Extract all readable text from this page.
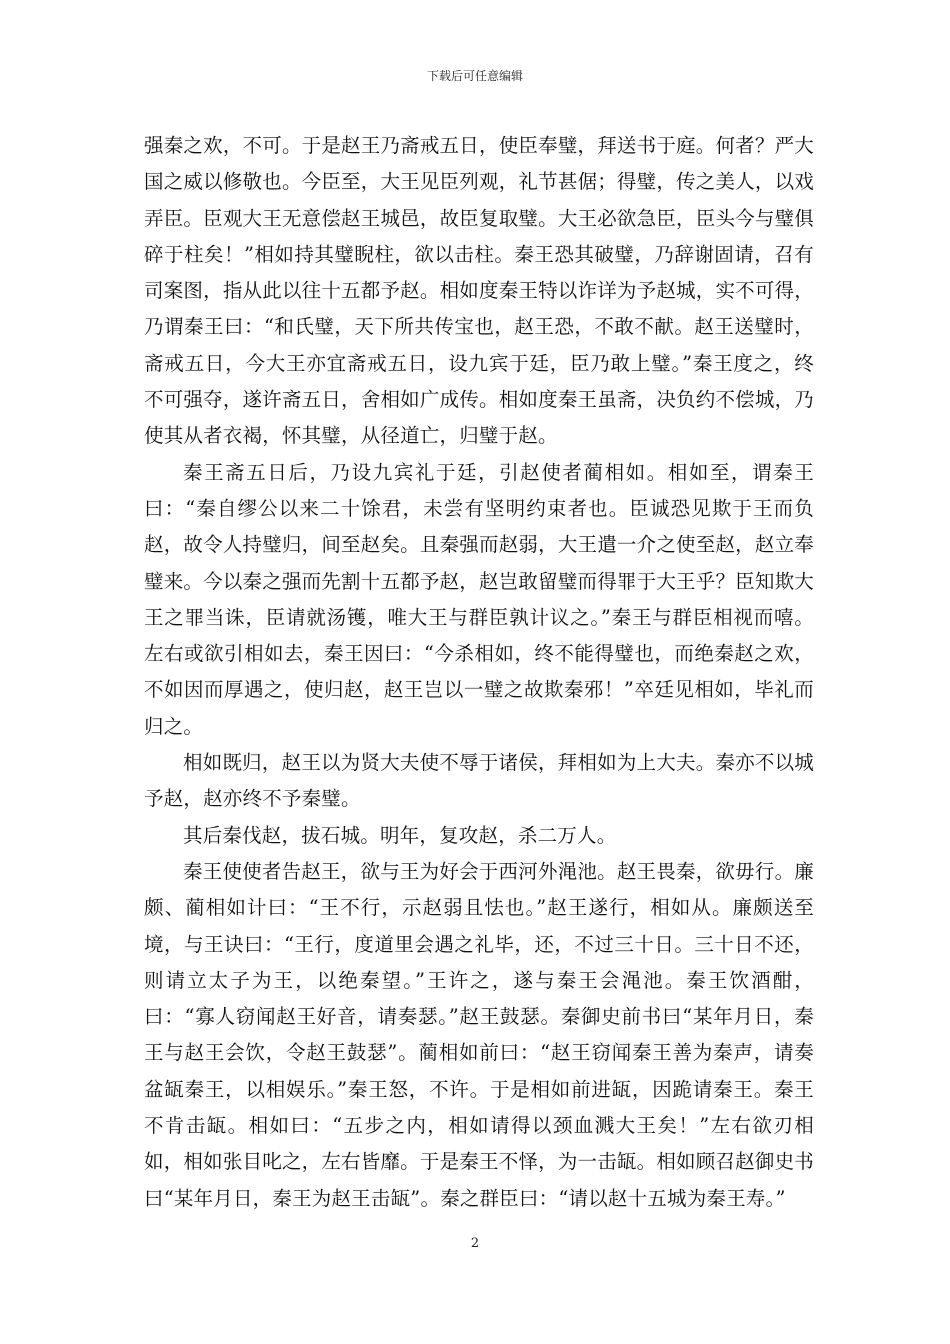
下载后可任意编辑

强秦之欢，不可。于是赵王乃斋戒五日，使臣奉璧，拜送书于庭。何者？严大国之威以修敬也。今臣至，大王见臣列观，礼节甚倨；得璧，传之美人，以戏弄臣。臣观大王无意偿赵王城邑，故臣复取璧。大王必欲急臣，臣头今与璧俱碎于柱矣！”相如持其璧睨柱，欲以击柱。秦王恐其破璧，乃辞谢固请，召有司案图，指从此以往十五都予赵。相如度秦王特以诈详为予赵城，实不可得，乃谓秦王曰：“和氏璧，天下所共传宝也，赵王恐，不敢不献。赵王送璧时，斋戒五日，今大王亦宜斋戒五日，设九宾于廷，臣乃敢上璧。”秦王度之，终不可强夺，遂许斋五日，舍相如广成传。相如度秦王虽斋，决负约不偿城，乃使其从者衣褐，怀其璧，从径道亡，归璧于赵。

秦王斋五日后，乃设九宾礼于廷，引赵使者蔺相如。相如至，谓秦王曰：“秦自缪公以来二十馀君，未尝有坚明约束者也。臣诚恐见欺于王而负赵，故令人持璧归，间至赵矣。且秦强而赵弱，大王遣一介之使至赵，赵立奉璧来。今以秦之强而先割十五都予赵，赵岂敢留璧而得罪于大王乎？臣知欺大王之罪当诛，臣请就汤镬，唯大王与群臣孰计议之。”秦王与群臣相视而嘻。左右或欲引相如去，秦王因曰：“今杀相如，终不能得璧也，而绝秦赵之欢，不如因而厚遇之，使归赵，赵王岂以一璧之故欺秦邪！”卒廷见相如，毕礼而归之。

相如既归，赵王以为贤大夫使不辱于诸侯，拜相如为上大夫。秦亦不以城予赵，赵亦终不予秦璧。

其后秦伐赵，拔石城。明年，复攻赵，杀二万人。

秦王使使者告赵王，欲与王为好会于西河外渑池。赵王畏秦，欲毋行。廉颇、蔺相如计曰：“王不行，示赵弱且怯也。”赵王遂行，相如从。廉颇送至境，与王诀曰：“王行，度道里会遇之礼毕，还，不过三十日。三十日不还，则请立太子为王，以绝秦望。”王许之，遂与秦王会渑池。秦王饮酒酣，曰：“寡人窃闻赵王好音，请奏瑟。”赵王鼓瑟。秦御史前书曰“某年月日，秦王与赵王会饮，令赵王鼓瑟”。蔺相如前曰：“赵王窃闻秦王善为秦声，请奏盆缻秦王，以相娱乐。”秦王怒，不许。于是相如前进缻，因跪请秦王。秦王不肯击缻。相如曰：“五步之内，相如请得以颈血溅大王矣！”左右欲刃相如，相如张目叱之，左右皆靡。于是秦王不怿，为一击缻。相如顾召赵御史书曰“某年月日，秦王为赵王击缻”。秦之群臣曰：“请以赵十五城为秦王寿。”

2
